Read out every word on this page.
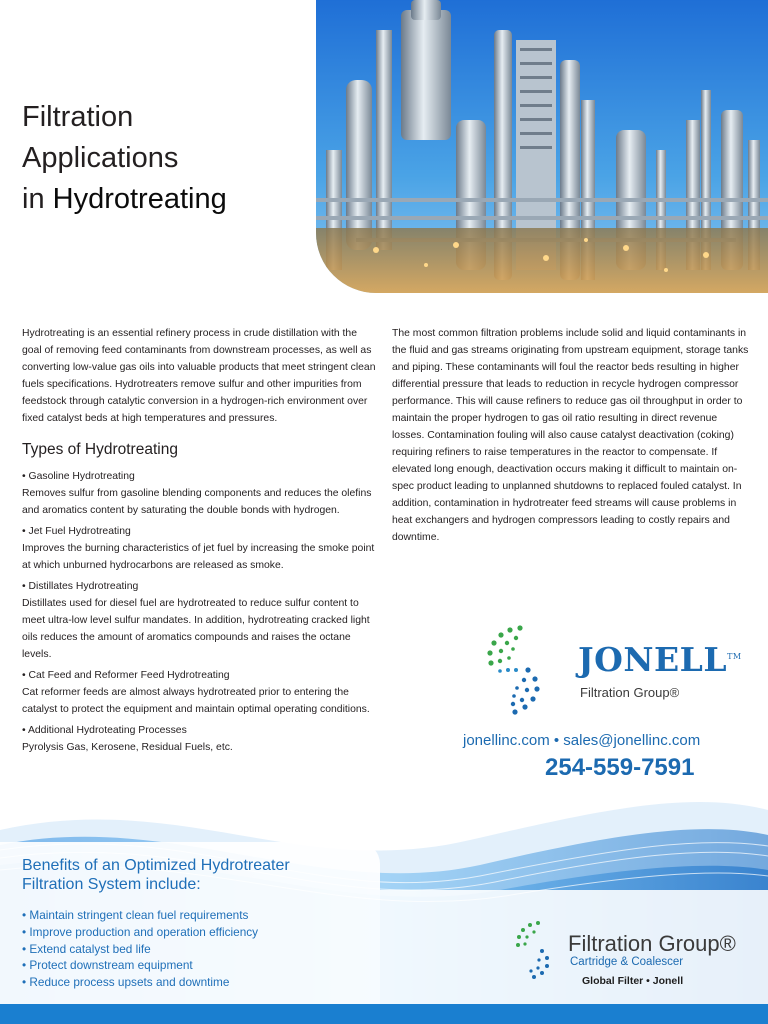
Filtration
Applications
in Hydrotreating

Hydrotreating is an essential refinery process in crude distillation with the goal of removing feed contaminants from downstream processes, as well as converting low-value gas oils into valuable products that meet stringent clean fuels specifications. Hydrotreaters remove sulfur and other impurities from feedstock through catalytic conversion in a hydrogen-rich environment over fixed catalyst beds at high temperatures and pressures.

Types of Hydrotreating
• Gasoline Hydrotreating
Removes sulfur from gasoline blending components and reduces the olefins and aromatics content by saturating the double bonds with hydrogen.
• Jet Fuel Hydrotreating
Improves the burning characteristics of jet fuel by increasing the smoke point at which unburned hydrocarbons are released as smoke.
• Distillates Hydrotreating
Distillates used for diesel fuel are hydrotreated to reduce sulfur content to meet ultra-low level sulfur mandates. In addition, hydrotreating cracked light oils reduces the amount of aromatics compounds and raises the octane levels.
• Cat Feed and Reformer Feed Hydrotreating
Cat reformer feeds are almost always hydrotreated prior to entering the catalyst to protect the equipment and maintain optimal operating conditions.
• Additional Hydroteating Processes
Pyrolysis Gas, Kerosene, Residual Fuels, etc.

The most common filtration problems include solid and liquid contaminants in the fluid and gas streams originating from upstream equipment, storage tanks and piping. These contaminants will foul the reactor beds resulting in higher differential pressure that leads to reduction in recycle hydrogen compressor performance. This will cause refiners to reduce gas oil throughput in order to maintain the proper hydrogen to gas oil ratio resulting in direct revenue losses. Contamination fouling will also cause catalyst deactivation (coking) requiring refiners to raise temperatures in the reactor to compensate. If elevated long enough, deactivation occurs making it difficult to maintain on-spec product leading to unplanned shutdowns to replaced fouled catalyst. In addition, contamination in hydrotreater feed streams will cause problems in heat exchangers and hydrogen compressors leading to costly repairs and downtime.

Benefits of an Optimized Hydrotreater
Filtration System include:
• Maintain stringent clean fuel requirements
• Improve production and operation efficiency
• Extend catalyst bed life
• Protect downstream equipment
• Reduce process upsets and downtime
JONELL™
Filtration Group®
jonellinc.com • sales@jonellinc.com
254-559-7591
Filtration Group®
Cartridge & Coalescer
Global Filter • Jonell
